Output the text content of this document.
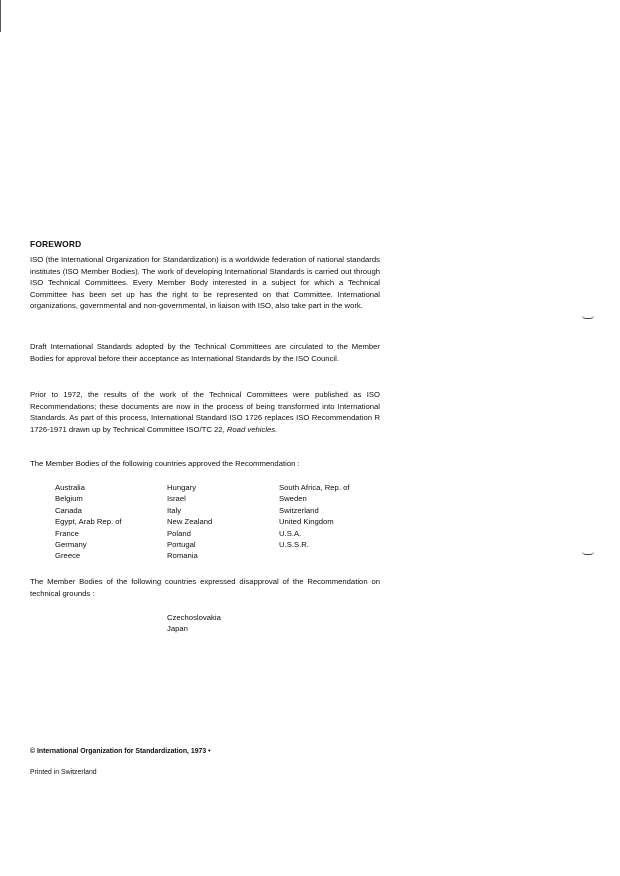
FOREWORD

ISO (the International Organization for Standardization) is a worldwide federation of national standards institutes (ISO Member Bodies). The work of developing International Standards is carried out through ISO Technical Committees. Every Member Body interested in a subject for which a Technical Committee has been set up has the right to be represented on that Committee. International organizations, governmental and non-governmental, in liaison with ISO, also take part in the work.

Draft International Standards adopted by the Technical Committees are circulated to the Member Bodies for approval before their acceptance as International Standards by the ISO Council.

Prior to 1972, the results of the work of the Technical Committees were published as ISO Recommendations; these documents are now in the process of being transformed into International Standards. As part of this process, International Standard ISO 1726 replaces ISO Recommendation R 1726-1971 drawn up by Technical Committee ISO/TC 22, Road vehicles.

The Member Bodies of the following countries approved the Recommendation :

Australia
Belgium
Canada
Egypt, Arab Rep. of
France
Germany
Greece
Hungary
Israel
Italy
New Zealand
Poland
Portugal
Romania
South Africa, Rep. of
Sweden
Switzerland
United Kingdom
U.S.A.
U.S.S.R.

The Member Bodies of the following countries expressed disapproval of the Recommendation on technical grounds :

Czechoslovakia
Japan
© International Organization for Standardization, 1973 •
Printed in Switzerland
